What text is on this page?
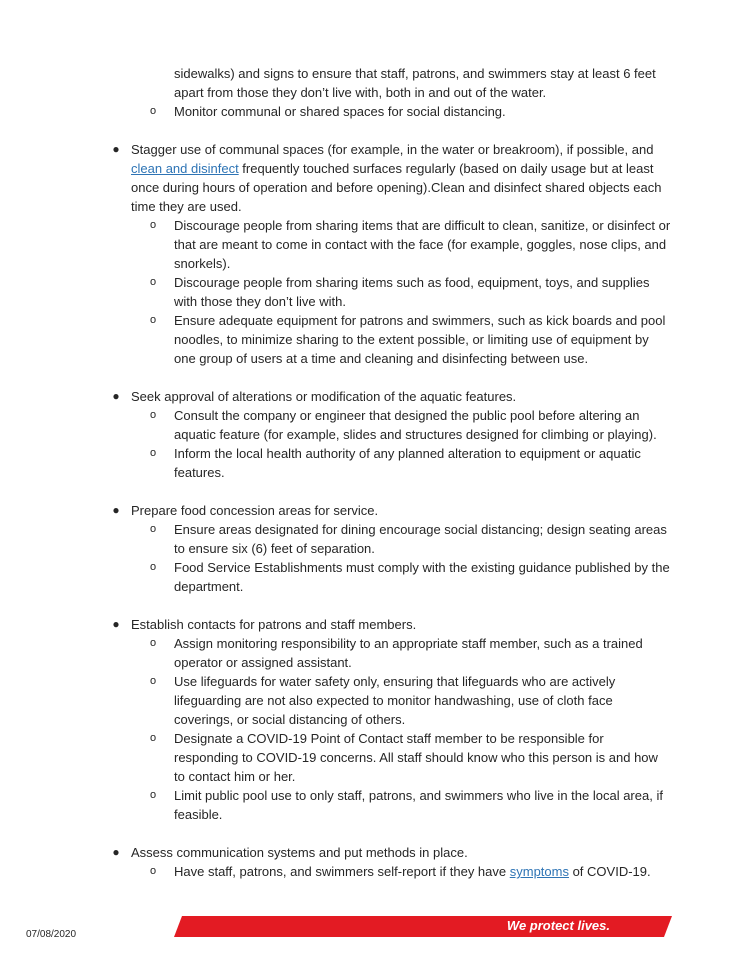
sidewalks) and signs to ensure that staff, patrons, and swimmers stay at least 6 feet apart from those they don’t live with, both in and out of the water.
o Monitor communal or shared spaces for social distancing.
● Stagger use of communal spaces (for example, in the water or breakroom), if possible, and clean and disinfect frequently touched surfaces regularly (based on daily usage but at least once during hours of operation and before opening).Clean and disinfect shared objects each time they are used.
o Discourage people from sharing items that are difficult to clean, sanitize, or disinfect or that are meant to come in contact with the face (for example, goggles, nose clips, and snorkels).
o Discourage people from sharing items such as food, equipment, toys, and supplies with those they don’t live with.
o Ensure adequate equipment for patrons and swimmers, such as kick boards and pool noodles, to minimize sharing to the extent possible, or limiting use of equipment by one group of users at a time and cleaning and disinfecting between use.
● Seek approval of alterations or modification of the aquatic features.
o Consult the company or engineer that designed the public pool before altering an aquatic feature (for example, slides and structures designed for climbing or playing).
o Inform the local health authority of any planned alteration to equipment or aquatic features.
● Prepare food concession areas for service.
o Ensure areas designated for dining encourage social distancing; design seating areas to ensure six (6) feet of separation.
o Food Service Establishments must comply with the existing guidance published by the department.
● Establish contacts for patrons and staff members.
o Assign monitoring responsibility to an appropriate staff member, such as a trained operator or assigned assistant.
o Use lifeguards for water safety only, ensuring that lifeguards who are actively lifeguarding are not also expected to monitor handwashing, use of cloth face coverings, or social distancing of others.
o Designate a COVID-19 Point of Contact staff member to be responsible for responding to COVID-19 concerns. All staff should know who this person is and how to contact him or her.
o Limit public pool use to only staff, patrons, and swimmers who live in the local area, if feasible.
● Assess communication systems and put methods in place.
o Have staff, patrons, and swimmers self-report if they have symptoms of COVID-19.
07/08/2020
We protect lives.
